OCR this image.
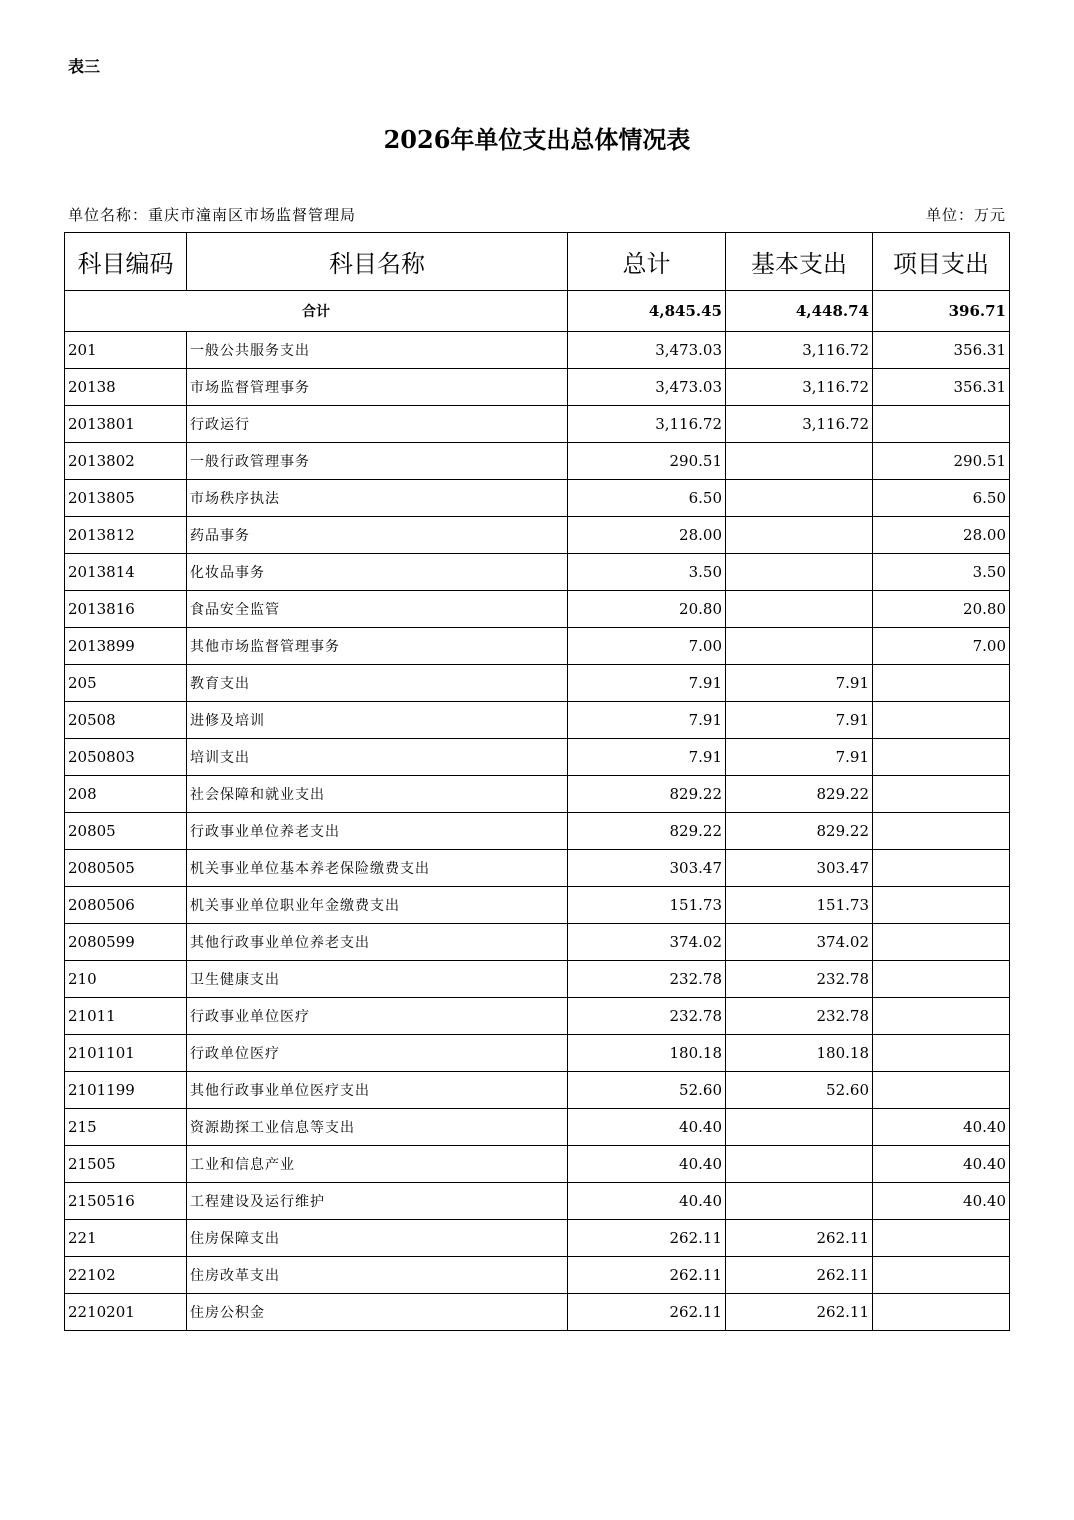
表三
2026年单位支出总体情况表
单位名称：重庆市潼南区市场监督管理局	单位：万元
科目编码	科目名称	总计	基本支出	项目支出
合计		4,845.45	4,448.74	396.71
201	一般公共服务支出	3,473.03	3,116.72	356.31
20138	市场监督管理事务	3,473.03	3,116.72	356.31
2013801	行政运行	3,116.72	3,116.72	
2013802	一般行政管理事务	290.51		290.51
2013805	市场秩序执法	6.50		6.50
2013812	药品事务	28.00		28.00
2013814	化妆品事务	3.50		3.50
2013816	食品安全监管	20.80		20.80
2013899	其他市场监督管理事务	7.00		7.00
205	教育支出	7.91	7.91	
20508	进修及培训	7.91	7.91	
2050803	培训支出	7.91	7.91	
208	社会保障和就业支出	829.22	829.22	
20805	行政事业单位养老支出	829.22	829.22	
2080505	机关事业单位基本养老保险缴费支出	303.47	303.47	
2080506	机关事业单位职业年金缴费支出	151.73	151.73	
2080599	其他行政事业单位养老支出	374.02	374.02	
210	卫生健康支出	232.78	232.78	
21011	行政事业单位医疗	232.78	232.78	
2101101	行政单位医疗	180.18	180.18	
2101199	其他行政事业单位医疗支出	52.60	52.60	
215	资源勘探工业信息等支出	40.40		40.40
21505	工业和信息产业	40.40		40.40
2150516	工程建设及运行维护	40.40		40.40
221	住房保障支出	262.11	262.11	
22102	住房改革支出	262.11	262.11	
2210201	住房公积金	262.11	262.11	
